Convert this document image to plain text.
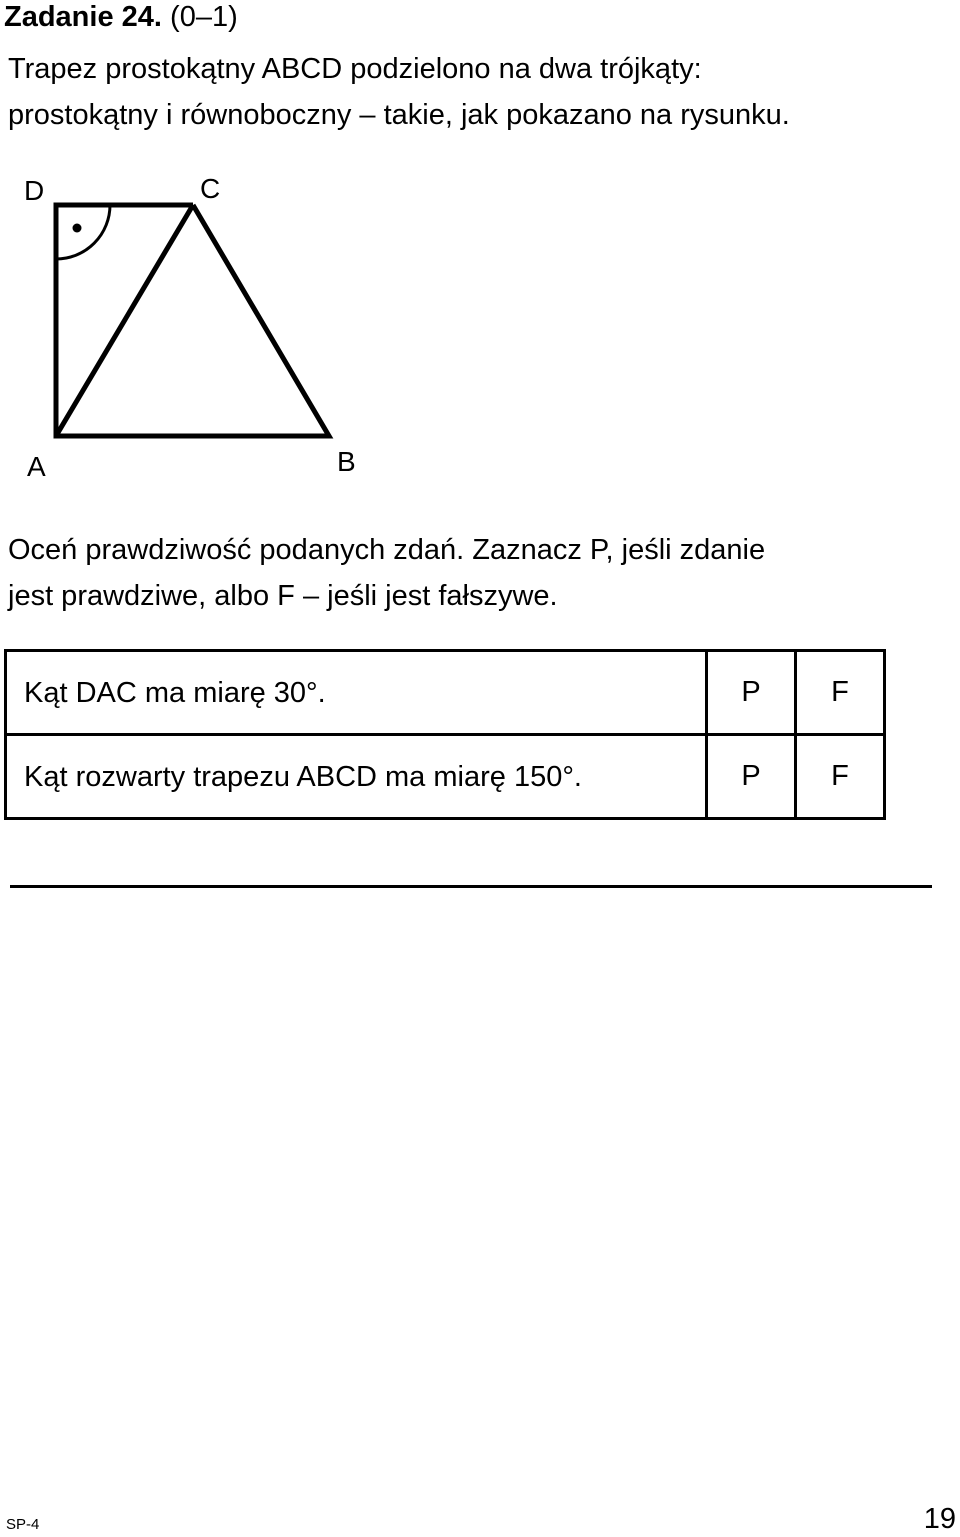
Zadanie 24. (0–1)
Trapez prostokątny ABCD podzielono na dwa trójkąty:
prostokątny i równoboczny – takie, jak pokazano na rysunku.
D	C
A	B
Oceń prawdziwość podanych zdań. Zaznacz P, jeśli zdanie
jest prawdziwe, albo F – jeśli jest fałszywe.
Kąt DAC ma miarę 30°.	P	F
Kąt rozwarty trapezu ABCD ma miarę 150°.	P	F
SP-4	19
